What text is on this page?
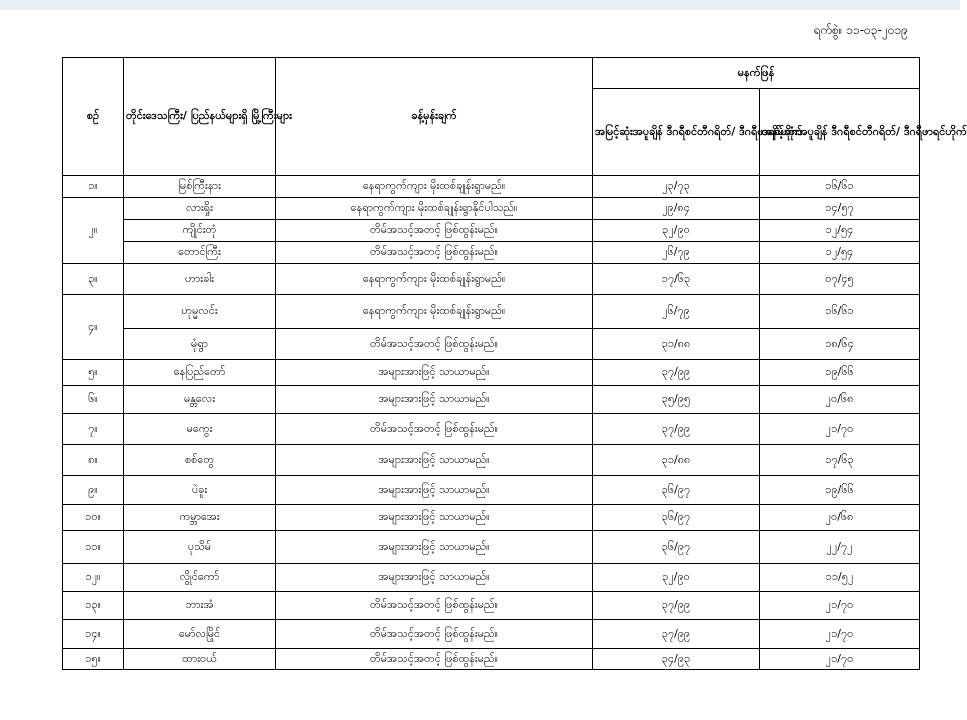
ရက်စွဲ။ ၁၁-၀၃-၂၀၁၉
စဉ်	တိုင်းဒေသကြီး/ ပြည်နယ်များရှိ မြို့ကြီးများ	ခန့်မှန်းချက်	မနက်ဖြန်	
			အမြင့်ဆုံးအပူချိန် ဒီဂရီစင်တီဂရိတ်/ ဒီဂရီဖာရင်ဟိုက်	အနိမ့်ဆုံးအပူချိန် ဒီဂရီစင်တီဂရိတ်/ ဒီဂရီဖာရင်ဟိုက်
၁။	မြစ်ကြီးနား	နေရာကွက်ကျား မိုးထစ်ချုန်းရွာမည်။	၂၃/၇၃	၁၆/၆၁
၂။	လားရှိုး	နေရာကွက်ကျား မိုးထစ်ချုန်းရွာနိုင်ပါသည်။	၂၉/၈၄	၁၄/၅၇
	ကျိုင်းတုံ	တိမ်အသင့်အတင့် ဖြစ်ထွန်းမည်။	၃၂/၉၀	၁၂/၅၄
	တောင်ကြီး	တိမ်အသင့်အတင့် ဖြစ်ထွန်းမည်။	၂၆/၇၉	၁၂/၅၄
၃။	ဟားခါး	နေရာကွက်ကျား မိုးထစ်ချုန်းရွာမည်။	၁၇/၆၃	၀၇/၄၅
၄။	ဟုမ္မလင်း	နေရာကွက်ကျား မိုးထစ်ချုန်းရွာမည်။	၂၆/၇၉	၁၆/၆၁
	မုံရွာ	တိမ်အသင့်အတင့် ဖြစ်ထွန်းမည်။	၃၁/၈၈	၁၈/၆၄
၅။	နေပြည်တော်	အများအားဖြင့် သာယာမည်။	၃၇/၉၉	၁၉/၆၆
၆။	မန္တလေး	အများအားဖြင့် သာယာမည်။	၃၅/၉၅	၂၀/၆၈
၇။	မကွေး	တိမ်အသင့်အတင့် ဖြစ်ထွန်းမည်။	၃၇/၉၉	၂၁/၇၀
၈။	စစ်တွေ	အများအားဖြင့် သာယာမည်။	၃၁/၈၈	၁၇/၆၃
၉။	ပဲခူး	အများအားဖြင့် သာယာမည်။	၃၆/၉၇	၁၉/၆၆
၁၀။	ကမ္ဘာအေး	အများအားဖြင့် သာယာမည်။	၃၆/၉၇	၂၀/၆၈
၁၁။	ပုသိမ်	အများအားဖြင့် သာယာမည်။	၃၆/၉၇	၂၂/၇၂
၁၂။	လွိုင်ကော်	အများအားဖြင့် သာယာမည်။	၃၂/၉၀	၁၁/၅၂
၁၃။	ဘားအံ	တိမ်အသင့်အတင့် ဖြစ်ထွန်းမည်။	၃၇/၉၉	၂၁/၇၀
၁၄။	မော်လမြိုင်	တိမ်အသင့်အတင့် ဖြစ်ထွန်းမည်။	၃၇/၉၉	၂၁/၇၀
၁၅။	ထားဝယ်	တိမ်အသင့်အတင့် ဖြစ်ထွန်းမည်။	၃၄/၉၃	၂၁/၇၀
